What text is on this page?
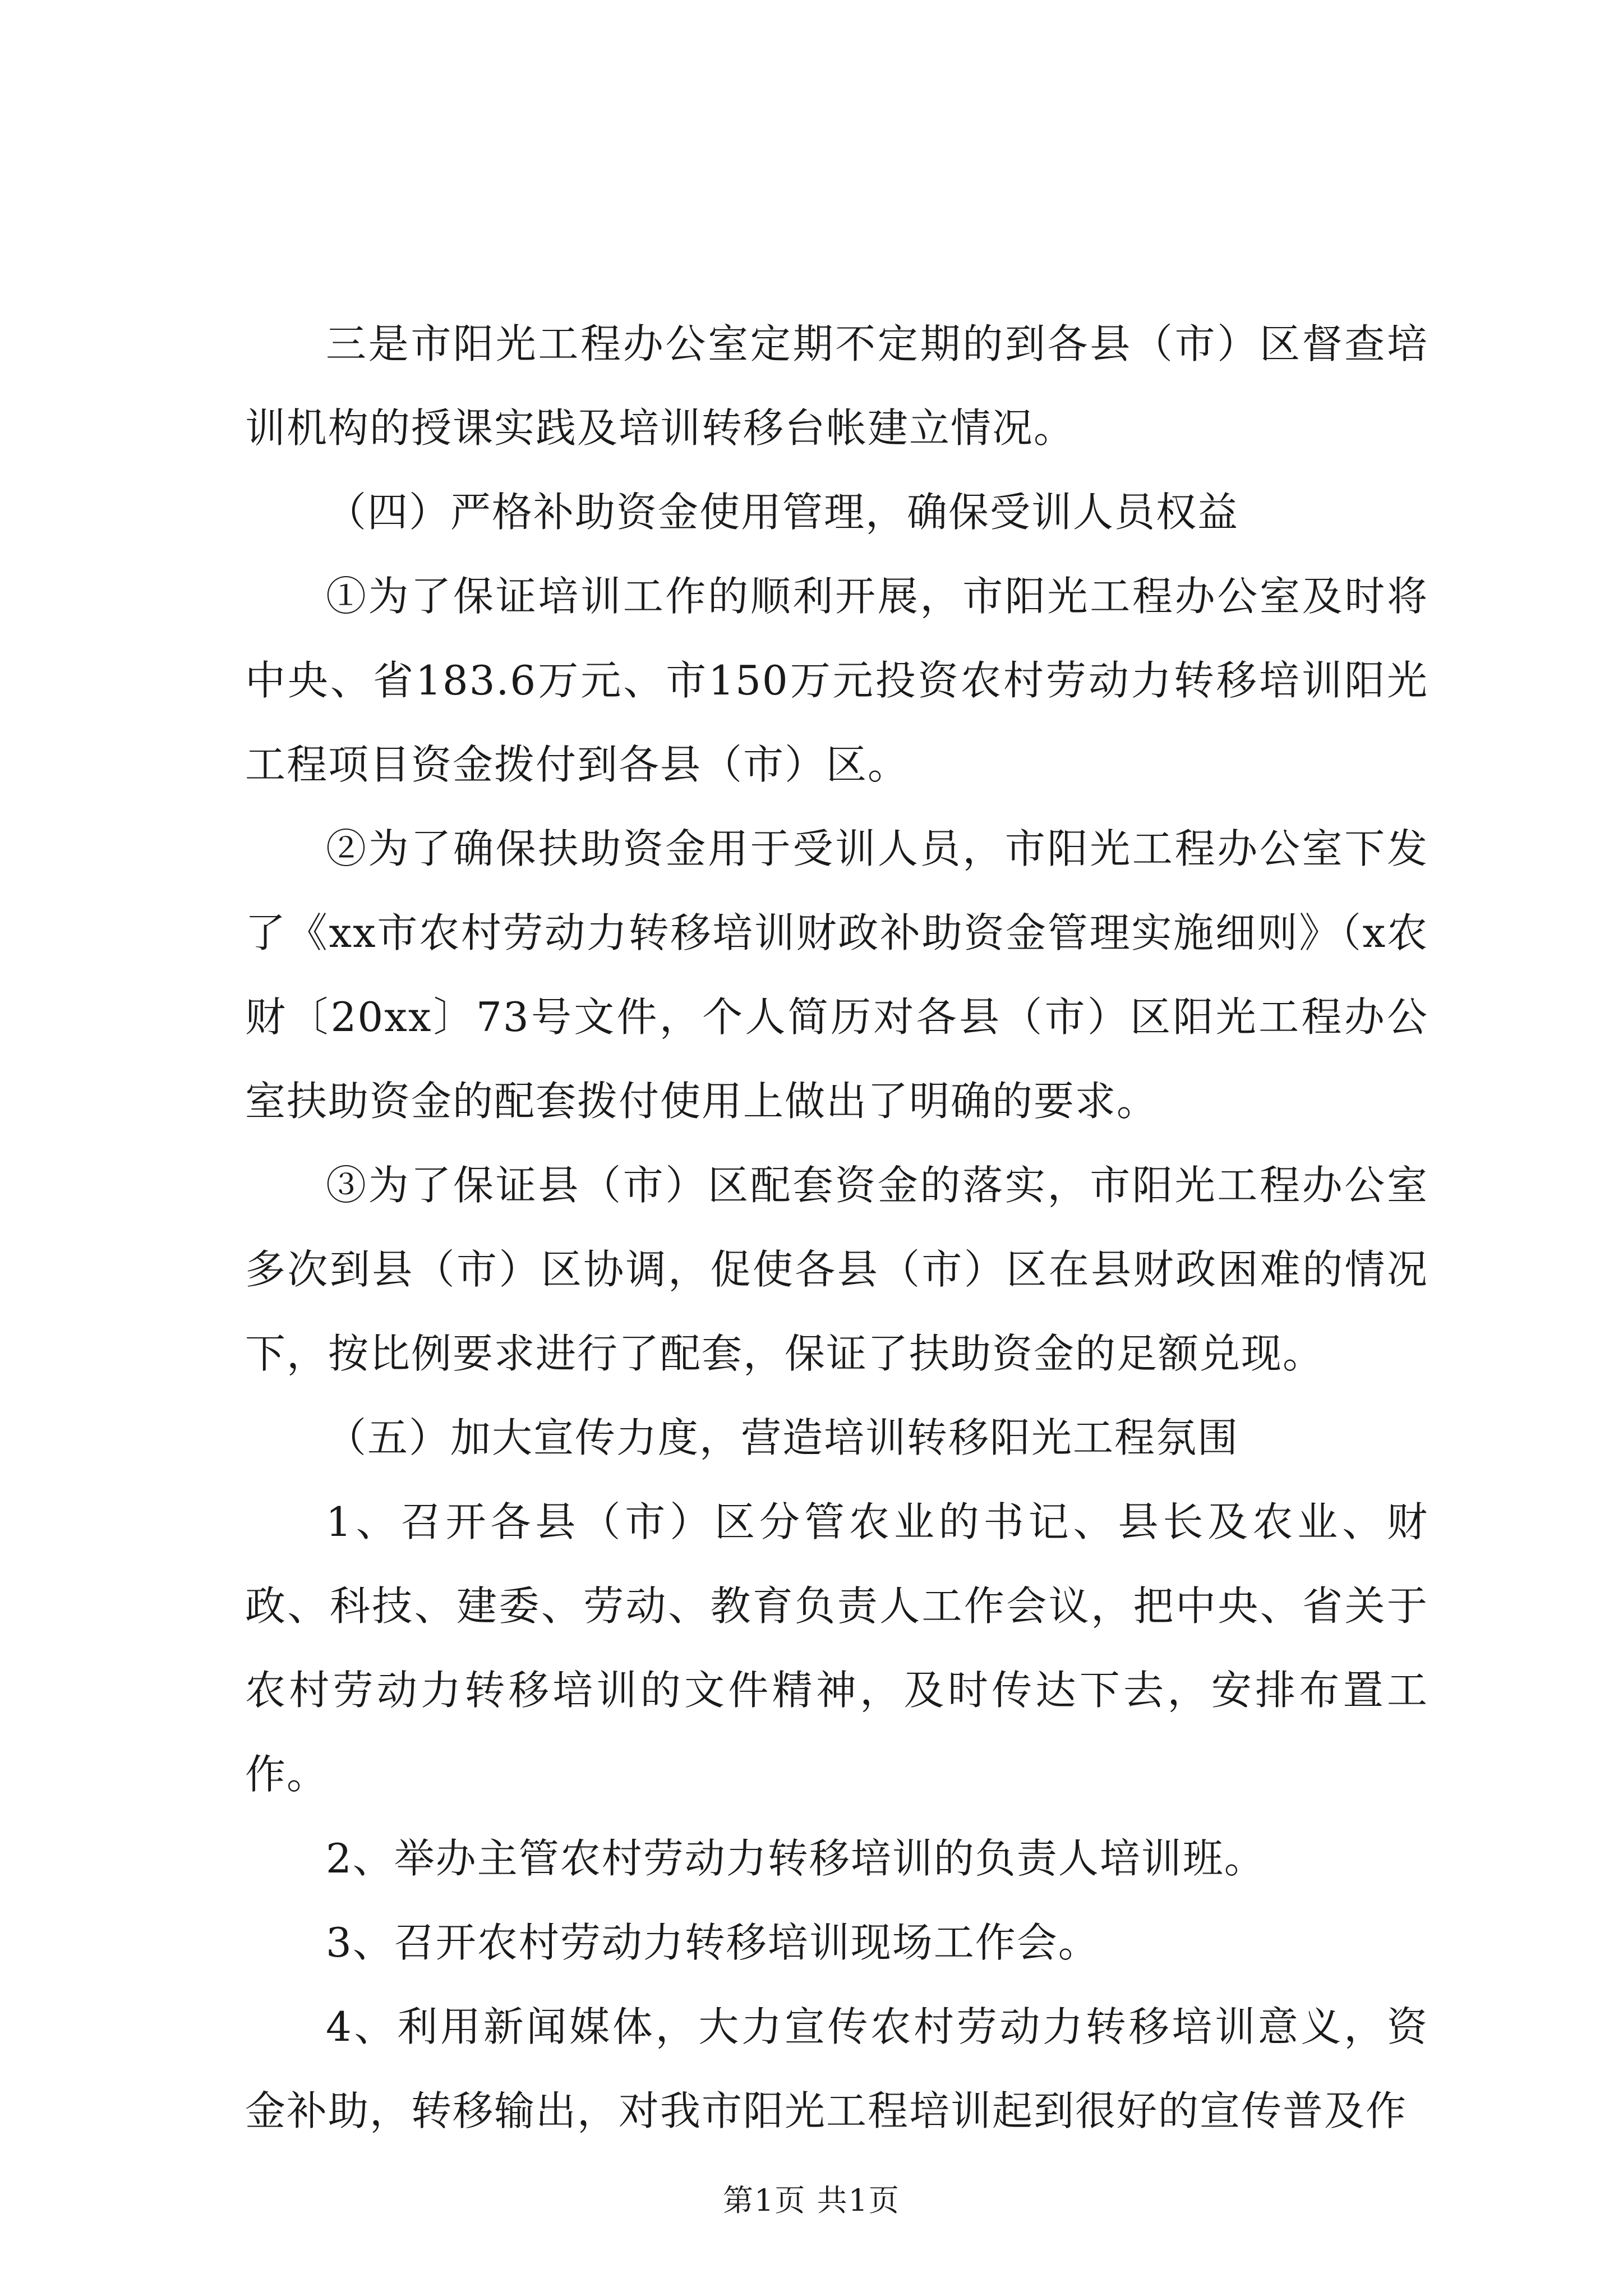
三是市阳光工程办公室定期不定期的到各县（市）区督查培训机构的授课实践及培训转移台帐建立情况。

（四）严格补助资金使用管理，确保受训人员权益

①为了保证培训工作的顺利开展，市阳光工程办公室及时将中央、省183.6万元、市150万元投资农村劳动力转移培训阳光工程项目资金拨付到各县（市）区。

②为了确保扶助资金用于受训人员，市阳光工程办公室下发了《xx市农村劳动力转移培训财政补助资金管理实施细则》（x农财〔20xx〕73号文件，个人简历对各县（市）区阳光工程办公室扶助资金的配套拨付使用上做出了明确的要求。

③为了保证县（市）区配套资金的落实，市阳光工程办公室多次到县（市）区协调，促使各县（市）区在县财政困难的情况下，按比例要求进行了配套，保证了扶助资金的足额兑现。

（五）加大宣传力度，营造培训转移阳光工程氛围

1、召开各县（市）区分管农业的书记、县长及农业、财政、科技、建委、劳动、教育负责人工作会议，把中央、省关于农村劳动力转移培训的文件精神，及时传达下去，安排布置工作。

2、举办主管农村劳动力转移培训的负责人培训班。

3、召开农村劳动力转移培训现场工作会。

4、利用新闻媒体，大力宣传农村劳动力转移培训意义，资金补助，转移输出，对我市阳光工程培训起到很好的宣传普及作

第1页 共1页
